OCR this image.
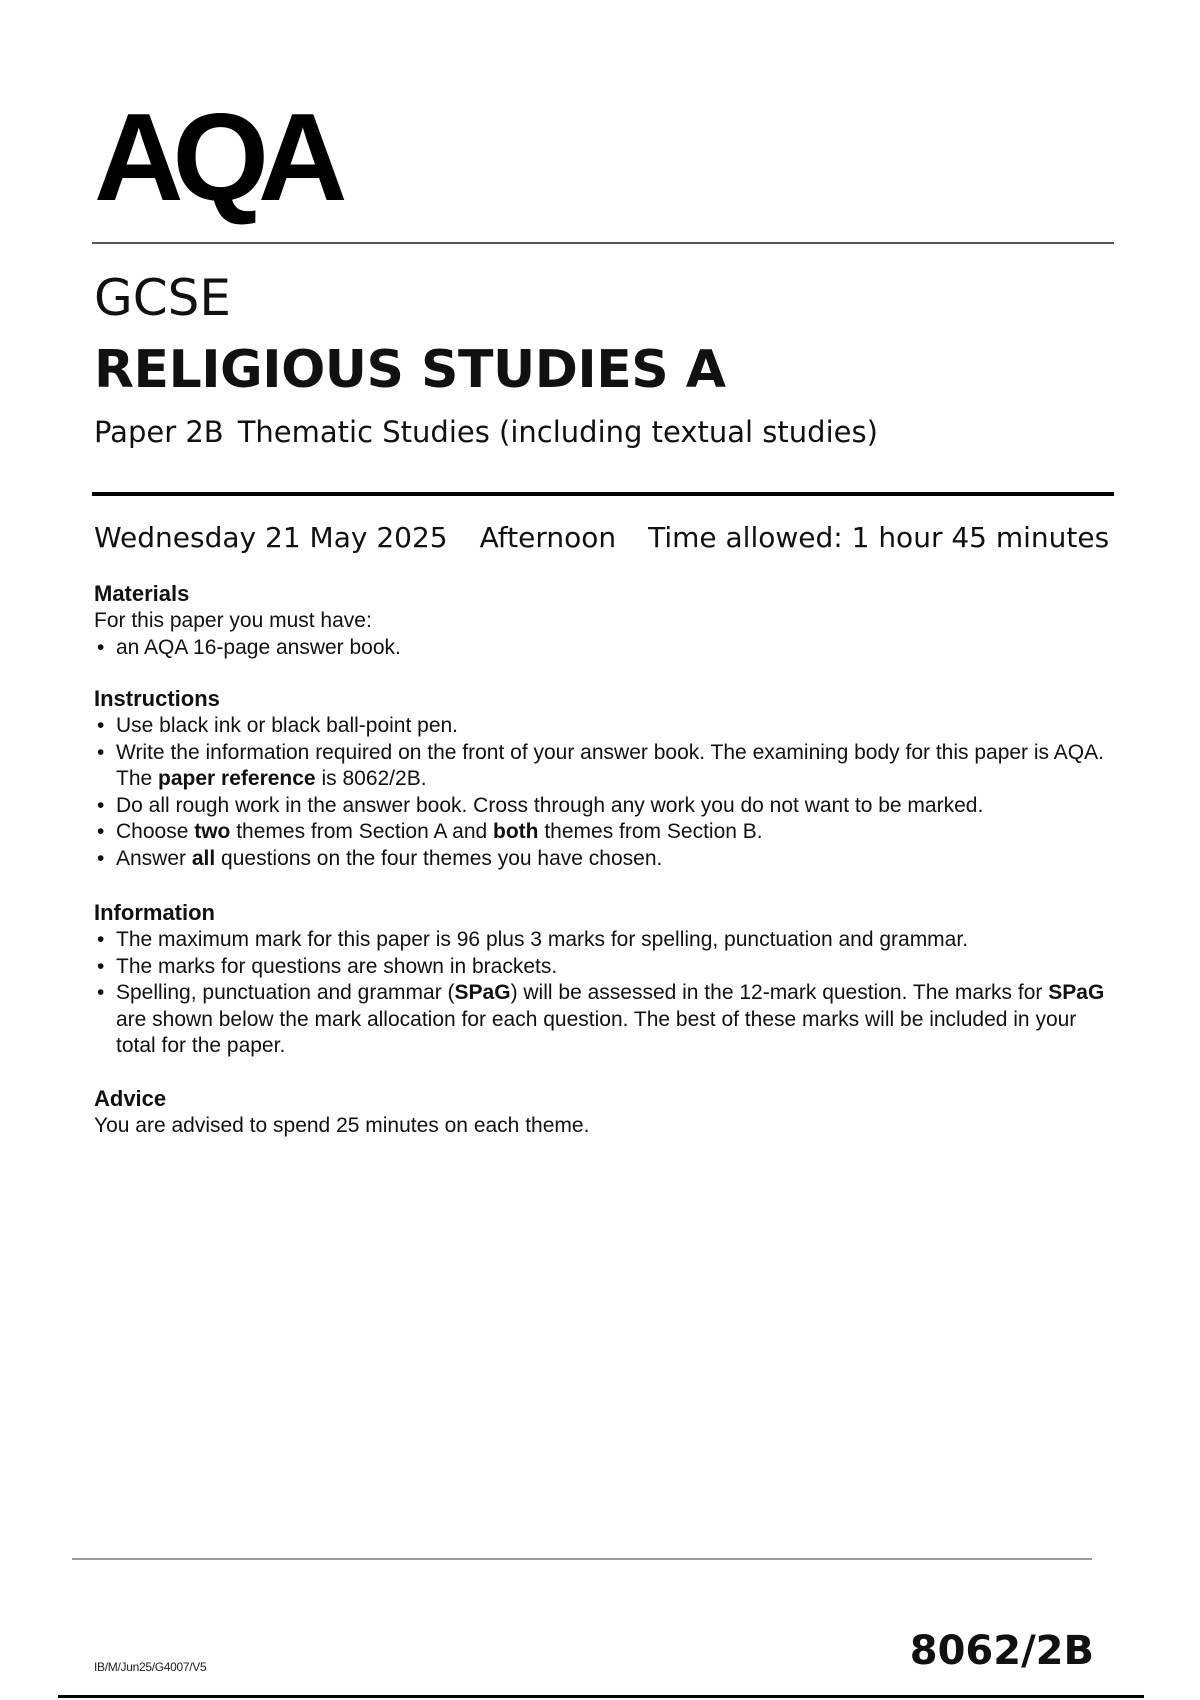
AQA
GCSE
RELIGIOUS STUDIES A
Paper 2B Thematic Studies (including textual studies)
Wednesday 21 May 2025 Afternoon Time allowed: 1 hour 45 minutes
Materials

For this paper you must have:

• an AQA 16-page answer book.
Instructions
• Use black ink or black ball-point pen.
• Write the information required on the front of your answer book. The examining body for this paper is AQA. The paper reference is 8062/2B.
• Do all rough work in the answer book. Cross through any work you do not want to be marked.
• Choose two themes from Section A and both themes from Section B.
• Answer all questions on the four themes you have chosen.
Information
• The maximum mark for this paper is 96 plus 3 marks for spelling, punctuation and grammar.
• The marks for questions are shown in brackets.
• Spelling, punctuation and grammar (SPaG) will be assessed in the 12-mark question. The marks for SPaG are shown below the mark allocation for each question. The best of these marks will be included in your total for the paper.
Advice

You are advised to spend 25 minutes on each theme.

IB/M/Jun25/G4007/V5	8062/2B
